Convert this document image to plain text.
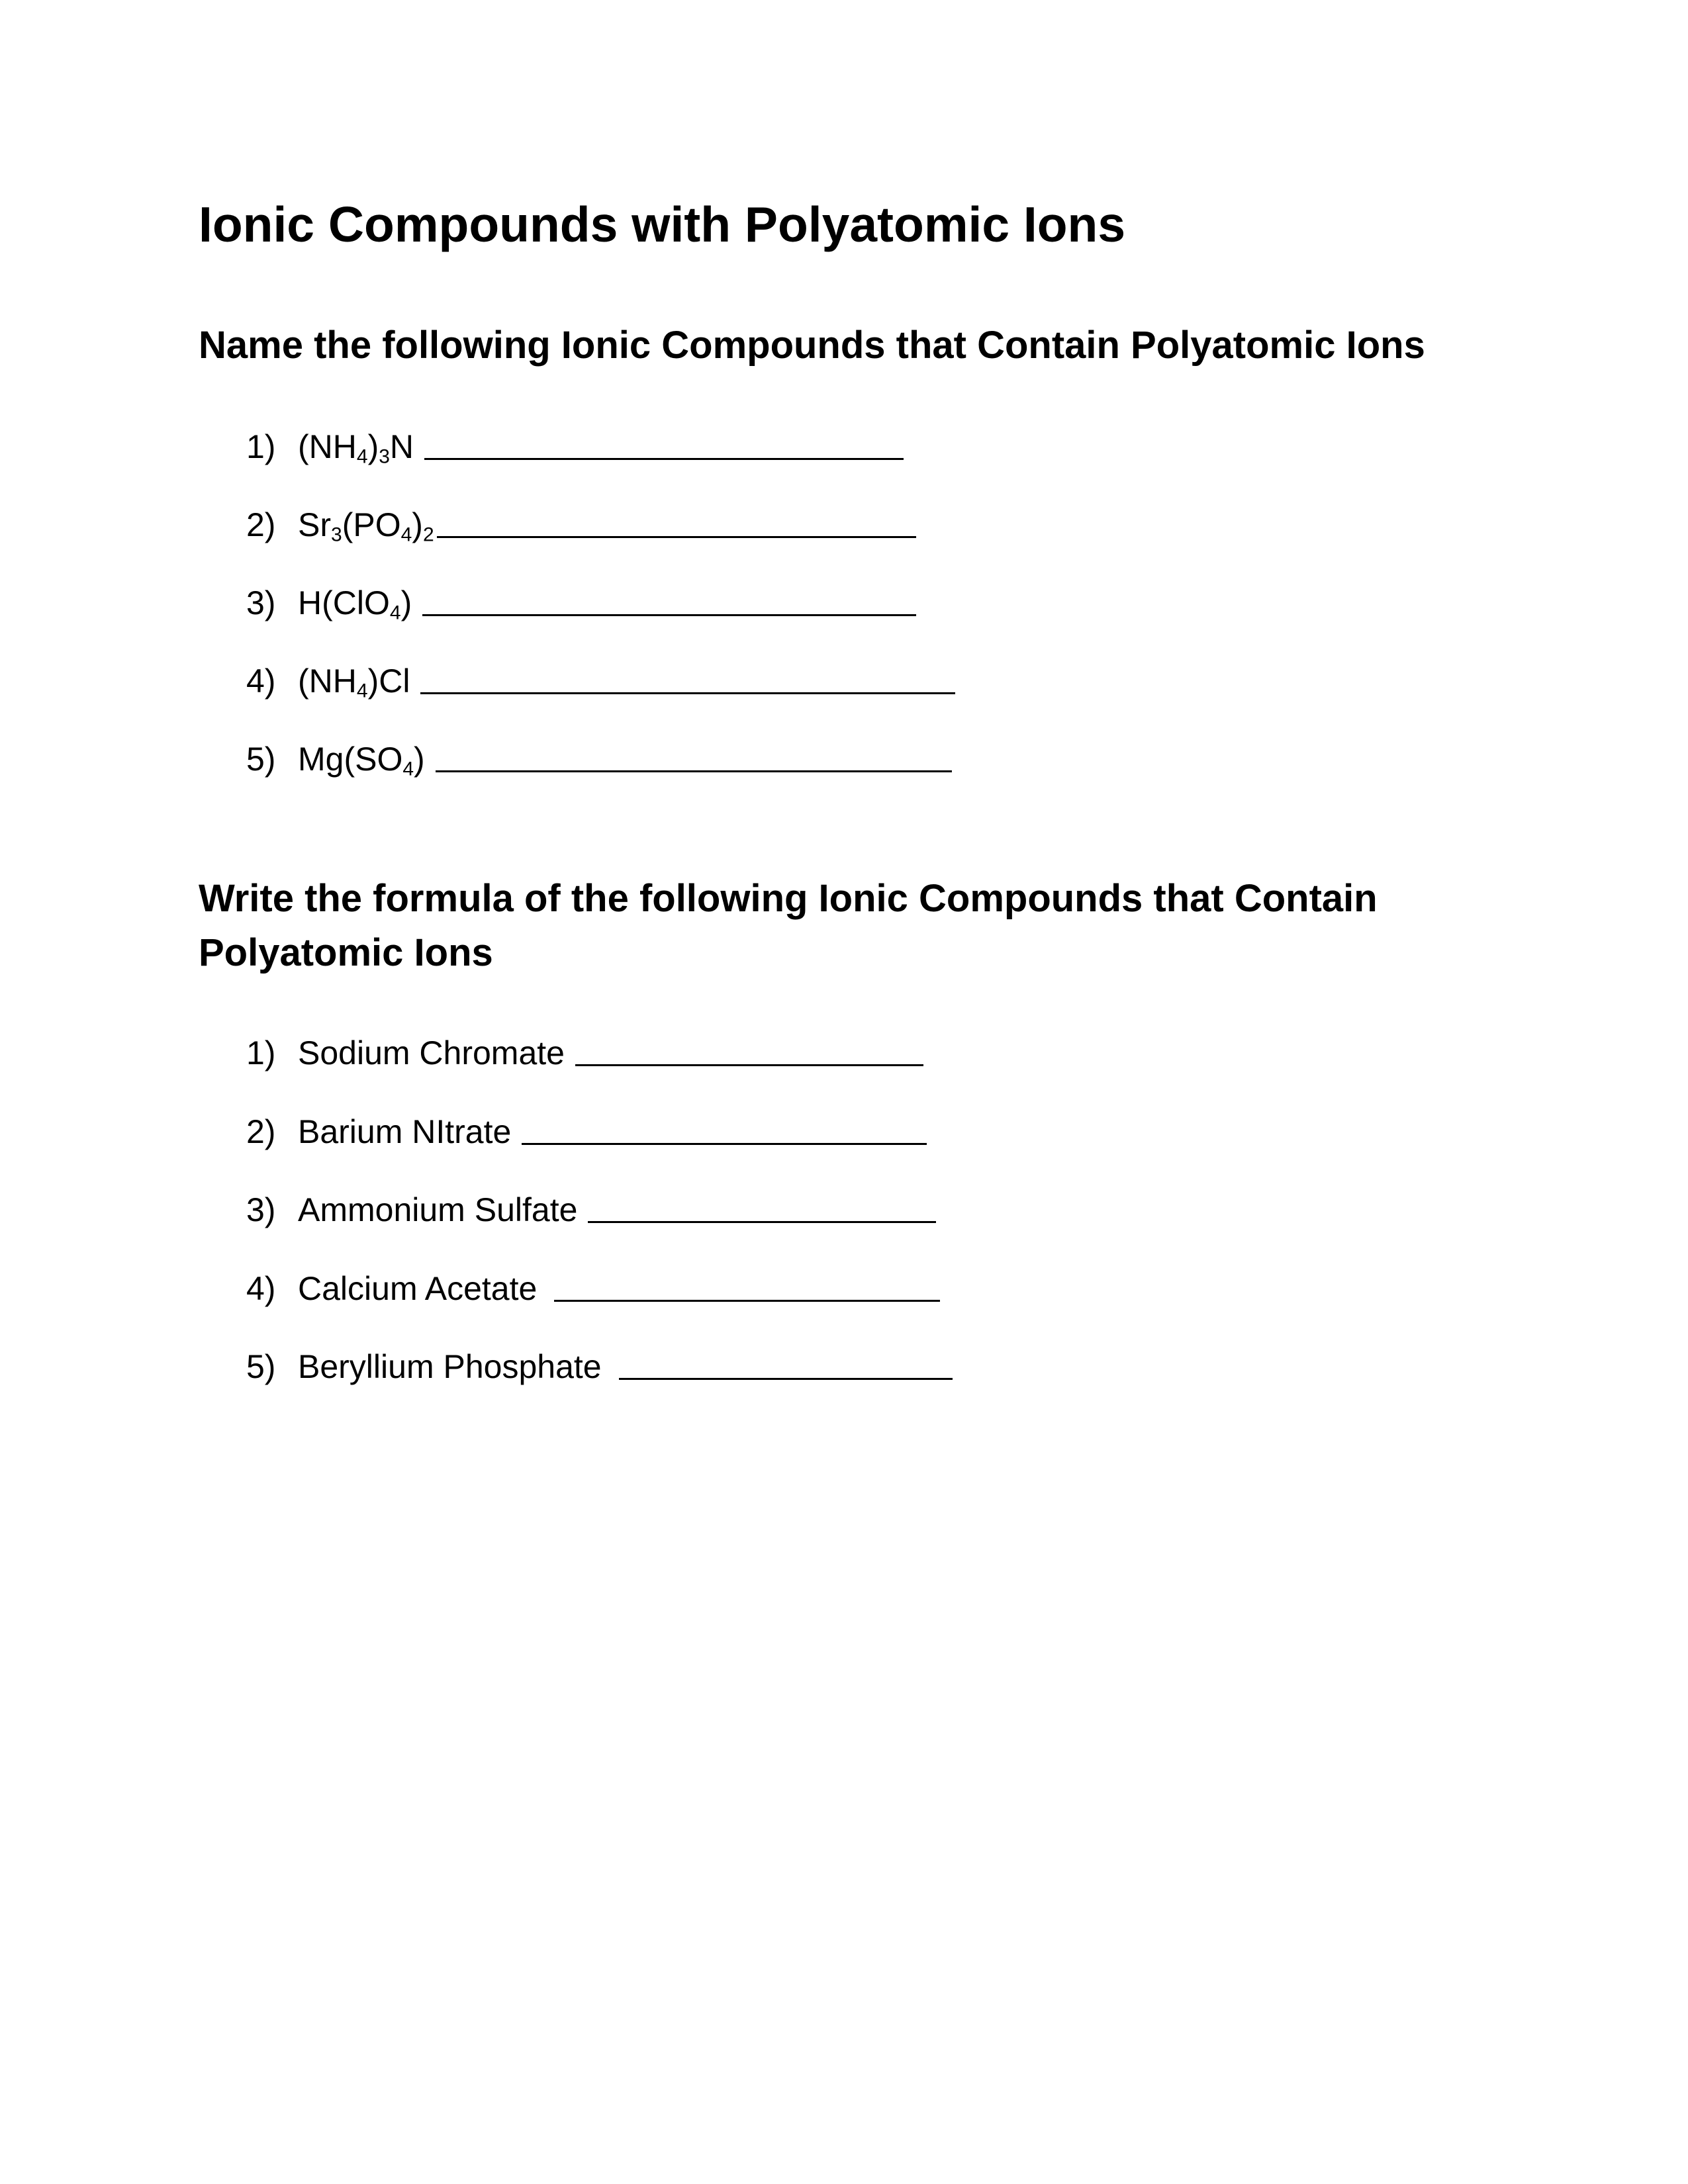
Ionic Compounds with Polyatomic Ions
Name the following Ionic Compounds that Contain Polyatomic Ions
1) $(NH_4)_3N$
2) $Sr_3(PO_4)_2$
3) H(ClO$_4$)
4) $(NH_4)Cl$
5) $Mg(SO_4)$
Write the formula of the following Ionic Compounds that Contain Polyatomic Ions
1) Sodium Chromate
2) Barium NItrate
3) Ammonium Sulfate
4) Calcium Acetate
5) Beryllium Phosphate
